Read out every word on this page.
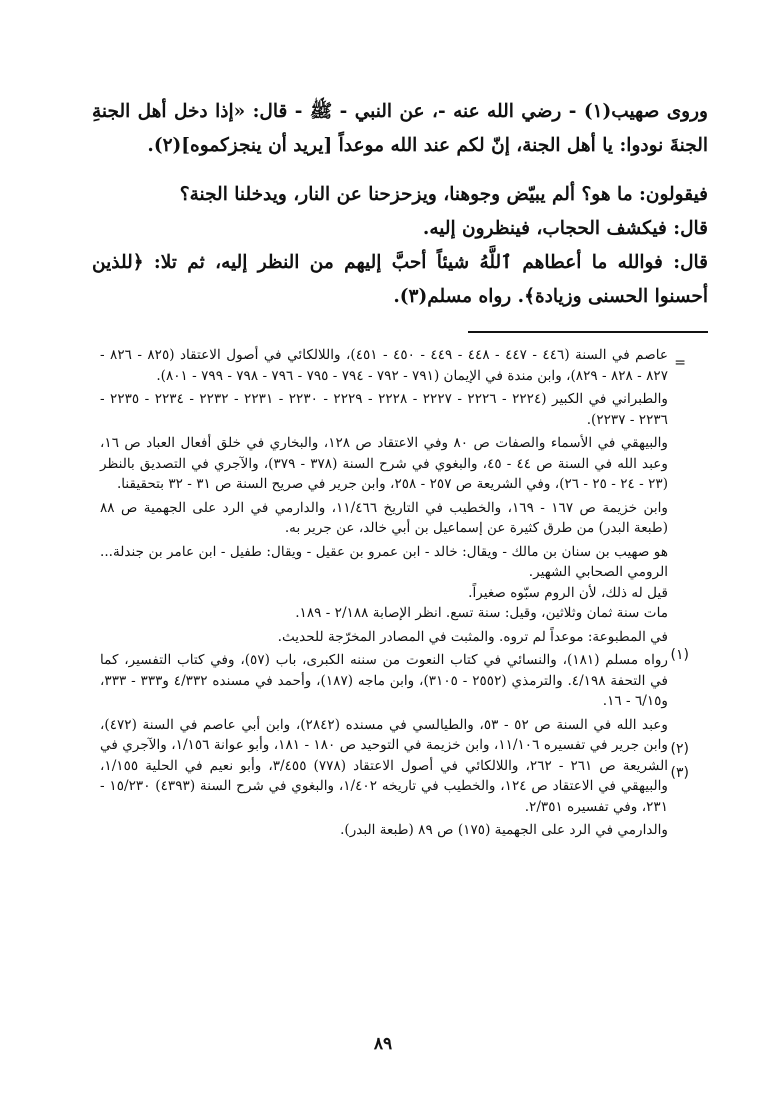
وروى صهيب(١) - رضي الله عنه -، عن النبي - ﷺ - قال: «إذا دخل أهل الجنةِ الجنةَ نودوا: يا أهل الجنة، إنّ لكم عند الله موعداً [يريد أن ينجزكموه](٢).

فيقولون: ما هو؟ ألم يبيّض وجوهنا، ويزحزحنا عن النار، ويدخلنا الجنة؟

قال: فيكشف الحجاب، فينظرون إليه.

قال: فوالله ما أعطاهم ٱللَّهُ شيئاً أحبَّ إليهم من النظر إليه، ثم تلا: ﴿للذين أحسنوا الحسنى وزيادة﴾. رواه مسلم(٣).

=
(١)
(٢)
(٣)

عاصم في السنة (٤٤٦ - ٤٤٧ - ٤٤٨ - ٤٤٩ - ٤٥٠ - ٤٥١)، واللالكائي في أصول الاعتقاد (٨٢٥ - ٨٢٦ - ٨٢٧ - ٨٢٨ - ٨٢٩)، وابن مندة في الإيمان (٧٩١ - ٧٩٢ - ٧٩٤ - ٧٩٥ - ٧٩٦ - ٧٩٨ - ٧٩٩ - ٨٠١).

والطبراني في الكبير (٢٢٢٤ - ٢٢٢٦ - ٢٢٢٧ - ٢٢٢٨ - ٢٢٢٩ - ٢٢٣٠ - ٢٢٣١ - ٢٢٣٢ - ٢٢٣٤ - ٢٢٣٥ - ٢٢٣٦ - ٢٢٣٧).

والبيهقي في الأسماء والصفات ص ٨٠ وفي الاعتقاد ص ١٢٨، والبخاري في خلق أفعال العباد ص ١٦، وعبد الله في السنة ص ٤٤ - ٤٥، والبغوي في شرح السنة (٣٧٨ - ٣٧٩)، والآجري في التصديق بالنظر (٢٣ - ٢٤ - ٢٥ - ٢٦)، وفي الشريعة ص ٢٥٧ - ٢٥٨، وابن جرير في صريح السنة ص ٣١ - ٣٢ بتحقيقنا.

وابن خزيمة ص ١٦٧ - ١٦٩، والخطيب في التاريخ ١١/٤٦٦، والدارمي في الرد على الجهمية ص ٨٨ (طبعة البدر) من طرق كثيرة عن إسماعيل بن أبي خالد، عن جرير به.

هو صهيب بن سنان بن مالك - ويقال: خالد - ابن عمرو بن عقيل - ويقال: طفيل - ابن عامر بن جندلة... الرومي الصحابي الشهير.

قيل له ذلك، لأن الروم سبّوه صغيراً.

مات سنة ثمان وثلاثين، وقيل: سنة تسع. انظر الإصابة ٢/١٨٨ - ١٨٩.

في المطبوعة: موعداً لم تروه. والمثبت في المصادر المخرّجة للحديث.

رواه مسلم (١٨١)، والنسائي في كتاب النعوت من سننه الكبرى، باب (٥٧)، وفي كتاب التفسير، كما في التحفة ٤/١٩٨. والترمذي (٢٥٥٢ - ٣١٠٥)، وابن ماجه (١٨٧)، وأحمد في مسنده ٤/٣٣٢ و٣٣٣ - ٣٣٣، و٦/١٥ - ١٦.

وعبد الله في السنة ص ٥٢ - ٥٣، والطيالسي في مسنده (٢٨٤٢)، وابن أبي عاصم في السنة (٤٧٢)، وابن جرير في تفسيره ١١/١٠٦، وابن خزيمة في التوحيد ص ١٨٠ - ١٨١، وأبو عوانة ١/١٥٦، والآجري في الشريعة ص ٢٦١ - ٢٦٢، واللالكائي في أصول الاعتقاد (٧٧٨) ٣/٤٥٥، وأبو نعيم في الحلية ١/١٥٥، والبيهقي في الاعتقاد ص ١٢٤، والخطيب في تاريخه ١/٤٠٢، والبغوي في شرح السنة (٤٣٩٣) ١٥/٢٣٠ - ٢٣١، وفي تفسيره ٢/٣٥١.

والدارمي في الرد على الجهمية (١٧٥) ص ٨٩ (طبعة البدر).

٨٩
